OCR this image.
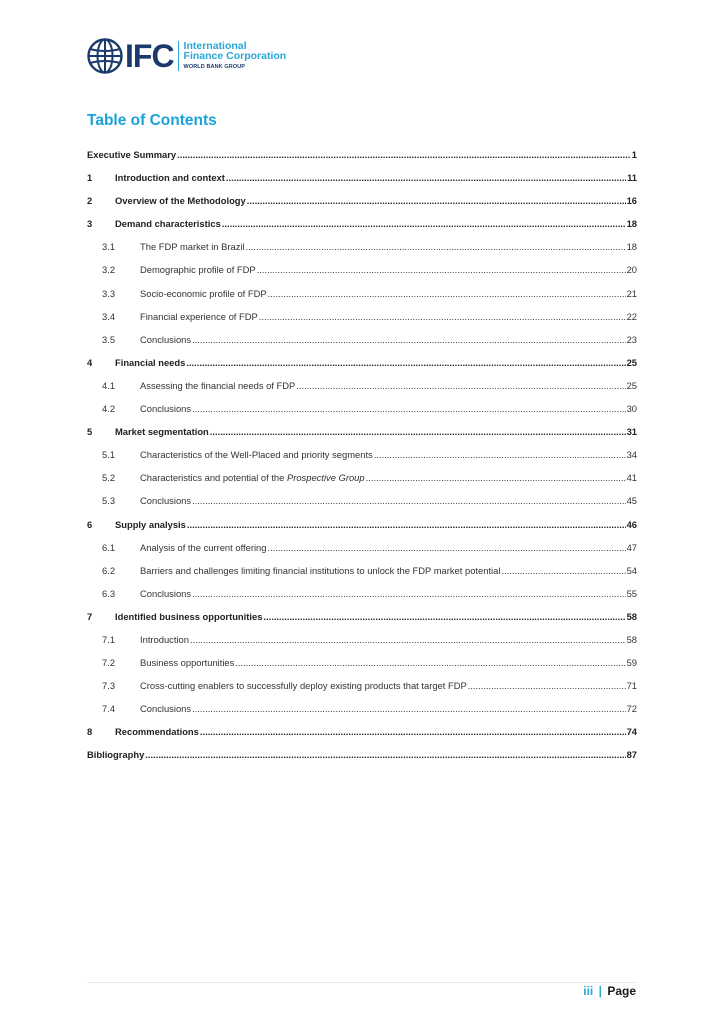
IFC International
Finance Corporation
WORLD BANK GROUP
Table of Contents
Executive Summary .....	1
1	Introduction and context .....	11
2	Overview of the Methodology .....	16
3	Demand characteristics .....	18
3.1	The FDP market in Brazil .....	18
3.2	Demographic profile of FDP .....	20
3.3	Socio-economic profile of FDP .....	21
3.4	Financial experience of FDP .....	22
3.5	Conclusions .....	23
4	Financial needs .....	25
4.1	Assessing the financial needs of FDP .....	25
4.2	Conclusions .....	30
5	Market segmentation .....	31
5.1	Characteristics of the Well-Placed and priority segments .....	34
5.2	Characteristics and potential of the Prospective Group .....	41
5.3	Conclusions .....	45
6	Supply analysis .....	46
6.1	Analysis of the current offering .....	47
6.2	Barriers and challenges limiting financial institutions to unlock the FDP market potential .....	54
6.3	Conclusions .....	55
7	Identified business opportunities .....	58
7.1	Introduction .....	58
7.2	Business opportunities .....	59
7.3	Cross-cutting enablers to successfully deploy existing products that target FDP .....	71
7.4	Conclusions .....	72
8	Recommendations .....	74
Bibliography .....	87
iii | Page
